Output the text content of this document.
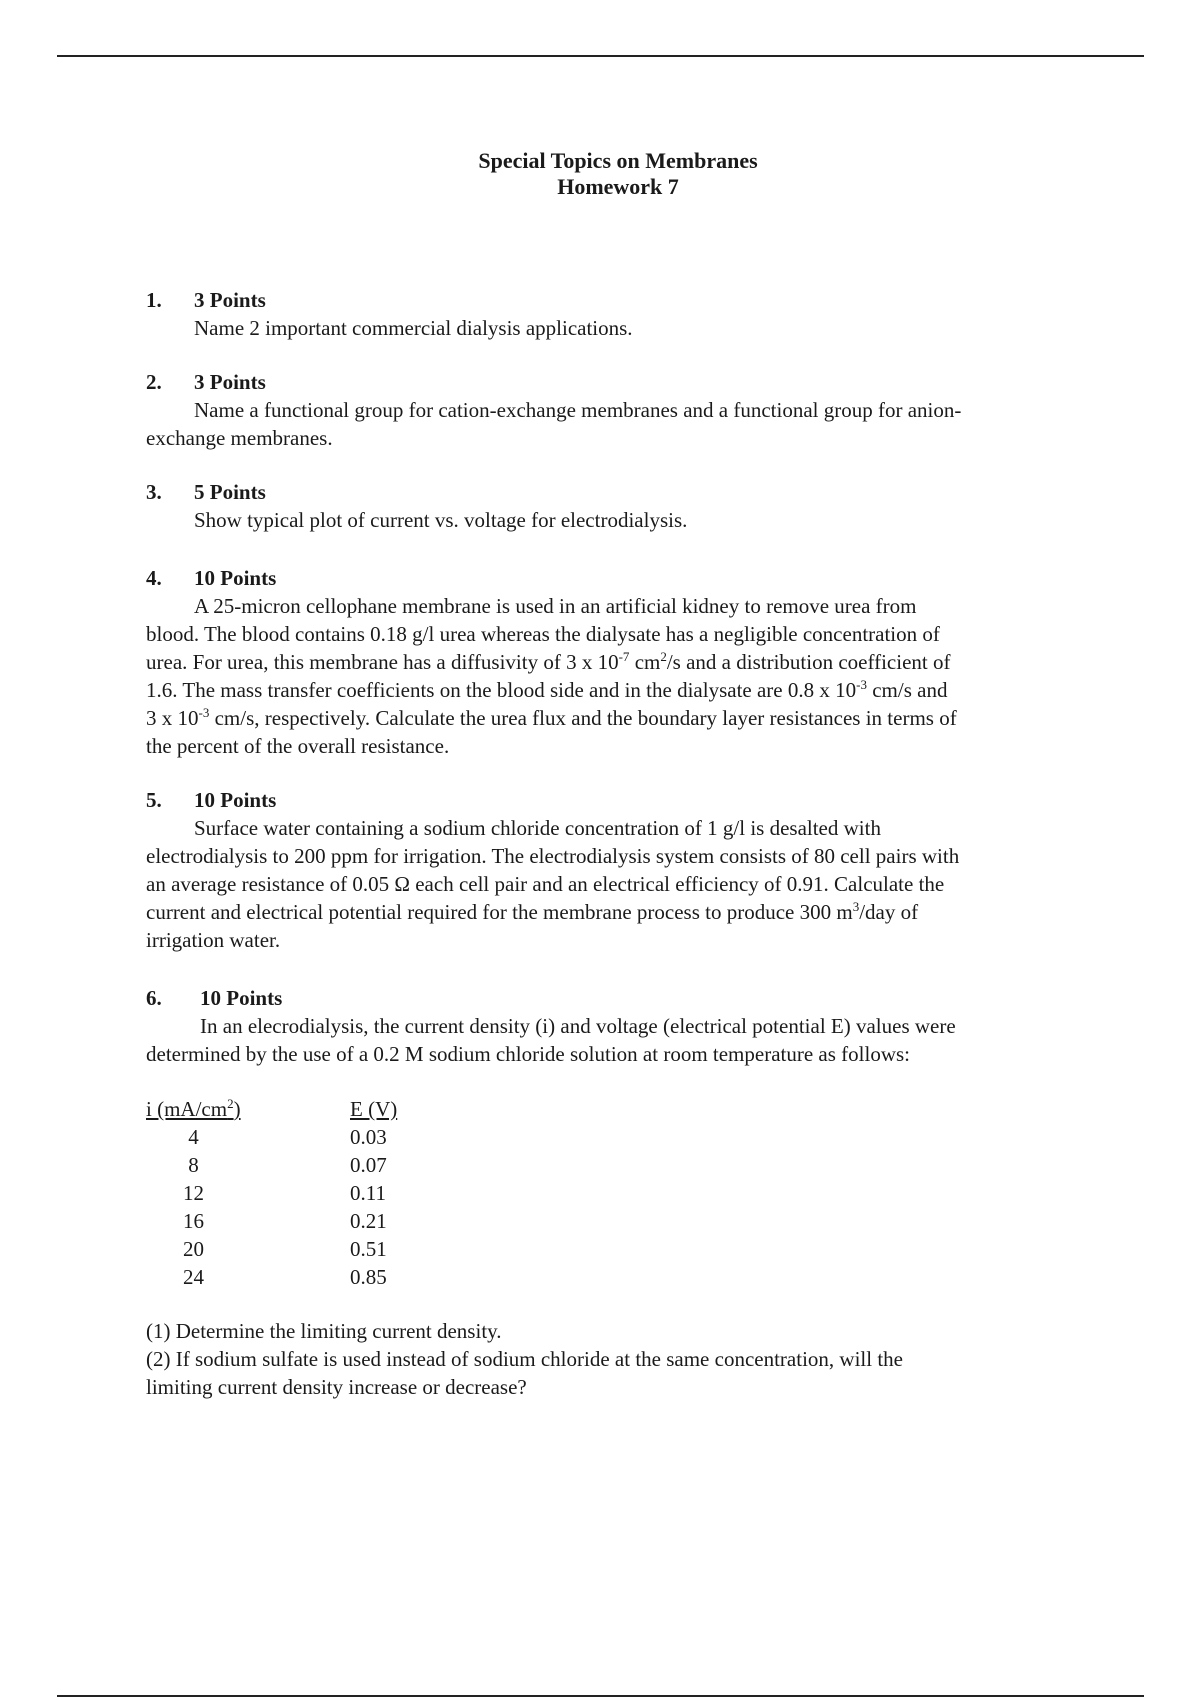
Special Topics on Membranes
Homework 7
1. 3 Points
Name 2 important commercial dialysis applications.
2. 3 Points
Name a functional group for cation-exchange membranes and a functional group for anion-
exchange membranes.
3. 5 Points
Show typical plot of current vs. voltage for electrodialysis.
4. 10 Points
A 25-micron cellophane membrane is used in an artificial kidney to remove urea from
blood. The blood contains 0.18 g/l urea whereas the dialysate has a negligible concentration of
urea. For urea, this membrane has a diffusivity of 3 x $10^{-7}$ $cm^2/s$ and a distribution coefficient of
1.6. The mass transfer coefficients on the blood side and in the dialysate are 0.8 x $10^{-3}$ cm/s and
3 x $10^{-3}$ cm/s, respectively. Calculate the urea flux and the boundary layer resistances in terms of
the percent of the overall resistance.
5. 10 Points
Surface water containing a sodium chloride concentration of 1 g/l is desalted with
electrodialysis to 200 ppm for irrigation. The electrodialysis system consists of 80 cell pairs with
an average resistance of 0.05 Ω each cell pair and an electrical efficiency of 0.91. Calculate the
current and electrical potential required for the membrane process to produce 300 $m^3$/day of
irrigation water.
6. 10 Points
In an elecrodialysis, the current density (i) and voltage (electrical potential E) values were
determined by the use of a 0.2 M sodium chloride solution at room temperature as follows:
i $(mA/cm^2)$
4
8
12
16
20
24
E (V)
0.03
0.07
0.11
0.21
0.51
0.85
(1) Determine the limiting current density.
(2) If sodium sulfate is used instead of sodium chloride at the same concentration, will the
limiting current density increase or decrease?
